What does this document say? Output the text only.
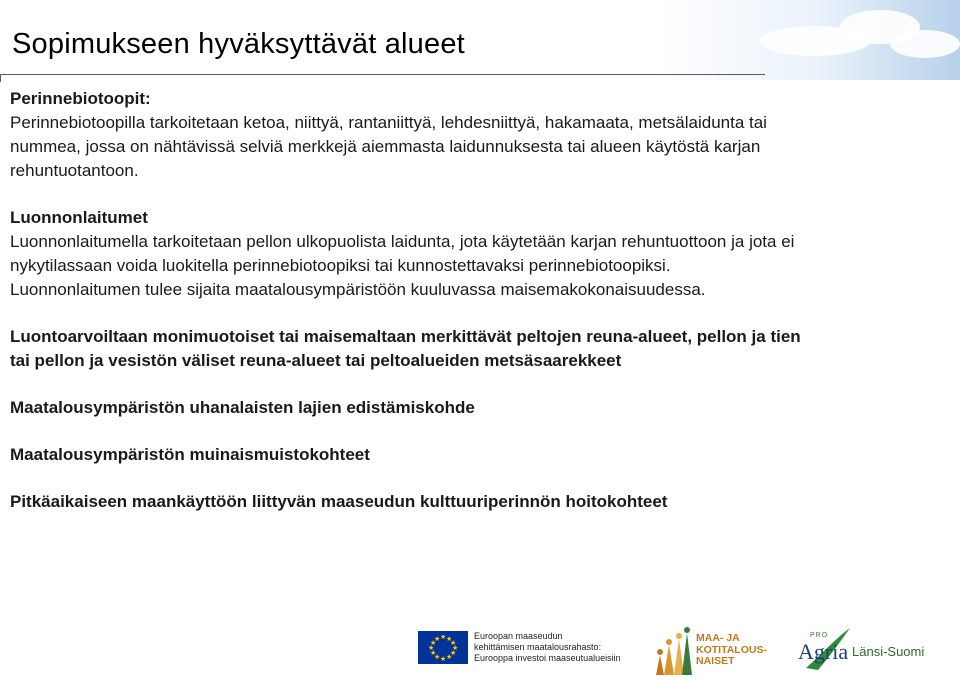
Sopimukseen hyväksyttävät alueet

Perinnebiotoopit:

Perinnebiotoopilla tarkoitetaan ketoa, niittyä, rantaniittyä, lehdesniittyä, hakamaata, metsälaidunta tai

nummea, jossa on nähtävissä selviä merkkejä aiemmasta laidunnuksesta tai alueen käytöstä karjan

rehuntuotantoon.

Luonnonlaitumet

Luonnonlaitumella tarkoitetaan pellon ulkopuolista laidunta, jota käytetään karjan rehuntuottoon ja jota ei

nykytilassaan voida luokitella perinnebiotoopiksi tai kunnostettavaksi perinnebiotoopiksi.

Luonnonlaitumen tulee sijaita maatalousympäristöön kuuluvassa maisemakokonaisuudessa.

Luontoarvoiltaan monimuotoiset tai maisemaltaan merkittävät peltojen reuna-alueet, pellon ja tien

tai pellon ja vesistön väliset reuna-alueet tai peltoalueiden metsäsaarekkeet

Maatalousympäristön uhanalaisten lajien edistämiskohde

Maatalousympäristön muinaismuistokohteet

Pitkäaikaiseen maankäyttöön liittyvän maaseudun kulttuuriperinnön hoitokohteet

★ ★
★
★
★
★
★
★
★
★
★
★	Euroopan maaseudun
kehittämisen maatalousrahasto:
Eurooppa investoi maaseutualueisiin
MAA- JA
KOTITALOUS-
NAISET
PRO
Agria Länsi-Suomi
